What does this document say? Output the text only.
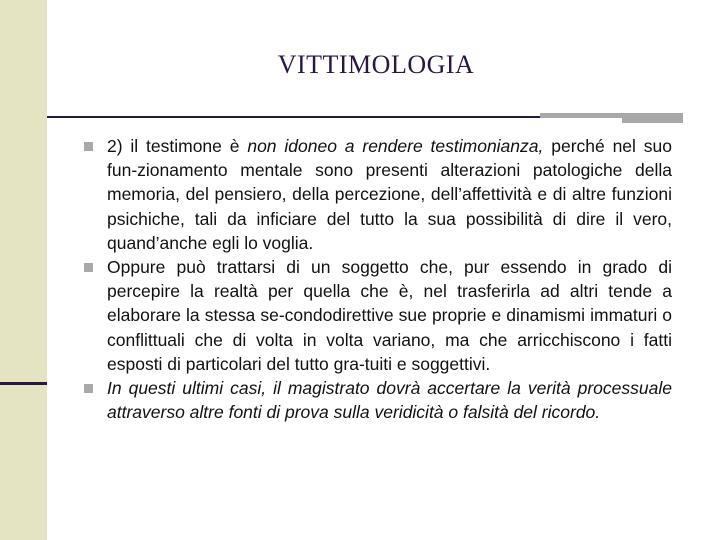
VITTIMOLOGIA
2) il testimone è non idoneo a rendere testimonianza, perché nel suo fun-zionamento mentale sono presenti alterazioni patologiche della memoria, del pensiero, della percezione, dell’affettività e di altre funzioni psichiche, tali da inficiare del tutto la sua possibilità di dire il vero, quand’anche egli lo voglia.
Oppure può trattarsi di un soggetto che, pur essendo in grado di percepire la realtà per quella che è, nel trasferirla ad altri tende a elaborare la stessa se-condodirettive sue proprie e dinamismi immaturi o conflittuali che di volta in volta variano, ma che arricchiscono i fatti esposti di particolari del tutto gra-tuiti e soggettivi.
In questi ultimi casi, il magistrato dovrà accertare la verità processuale attraverso altre fonti di prova sulla veridicità o falsità del ricordo.
